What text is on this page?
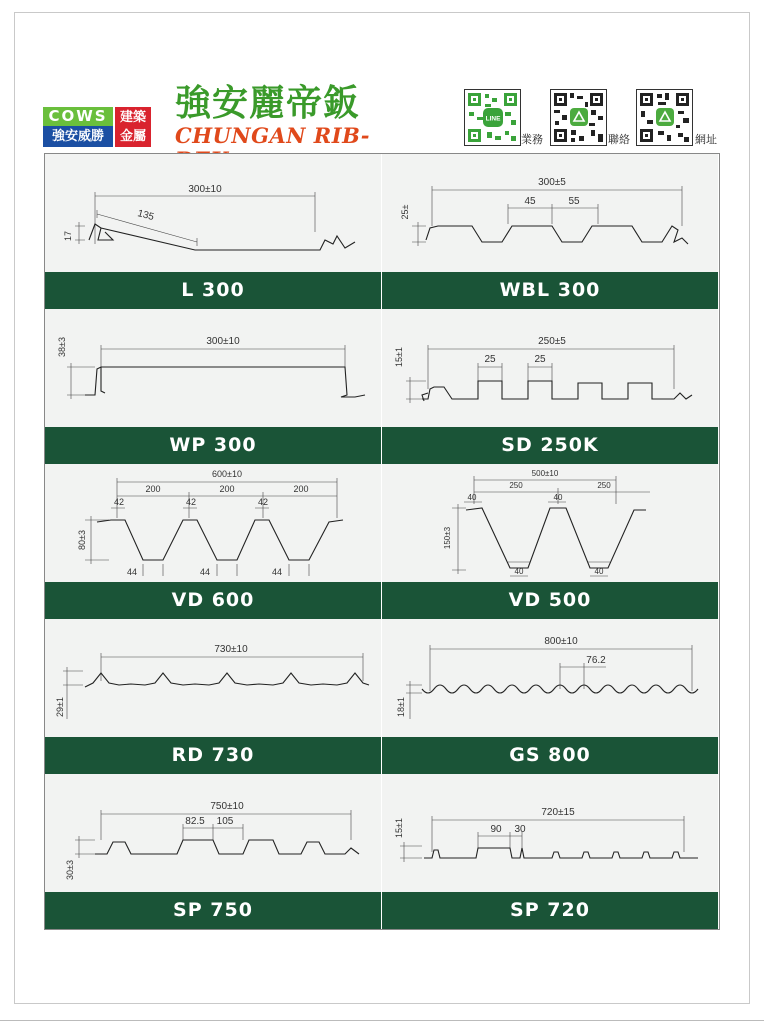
COWS
強安威勝
建築金屬
強安麗帝鈑
CHUNGAN RIB-
LINE
業務	聯絡	網址
300±10
135
17
L 300
300±5
45	55
25±
WBL 300
300±10
38±3
WP 300
250±5
25	25
15±1
SD 250K
600±10
200	200	200
42	42	42
80±3
44	44	44
VD 600
500±10
250	250
40	40
150±3
40	40
VD 500
730±10
29±1
RD 730
800±10
76.2
18±1
GS 800
750±10
82.5 105
30±3
SP 750
720±15
90 30
15±1
SP 720
